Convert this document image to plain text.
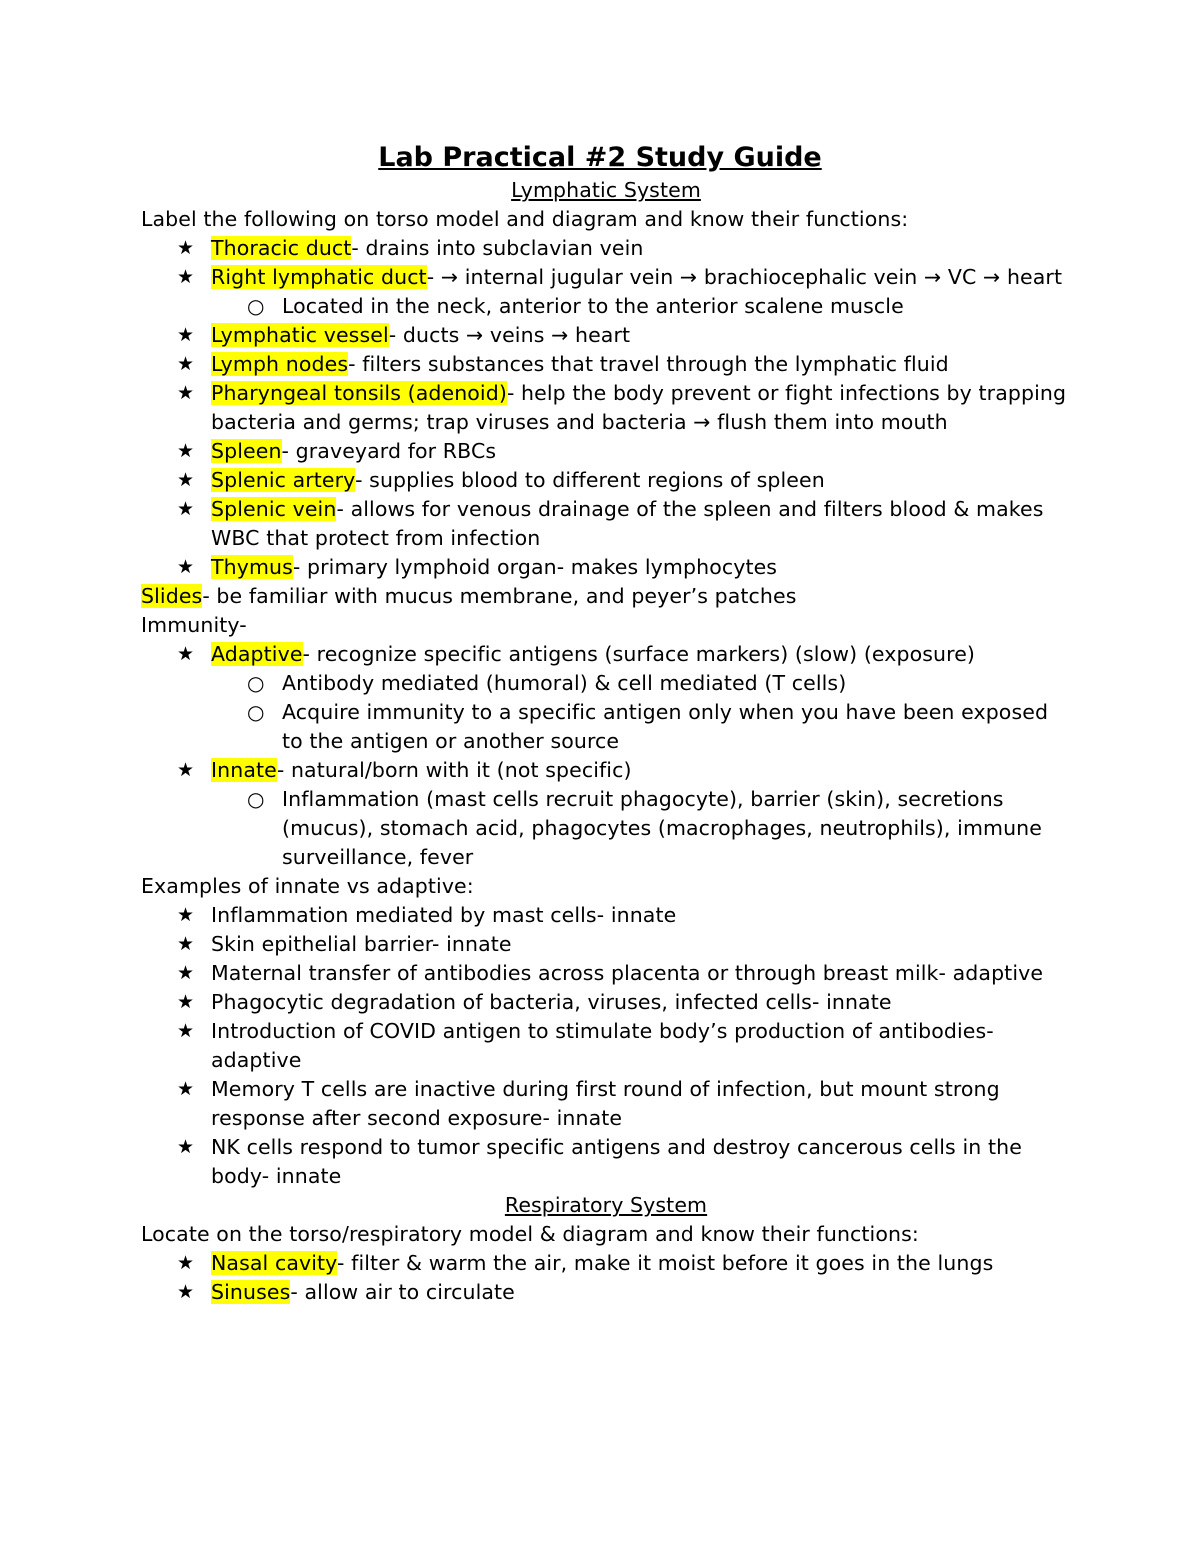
Lab Practical #2 Study Guide

Lymphatic System

Label the following on torso model and diagram and know their functions:

★ Thoracic duct- drains into subclavian vein
★ Right lymphatic duct- → internal jugular vein → brachiocephalic vein → VC → heart
○ Located in the neck, anterior to the anterior scalene muscle
★ Lymphatic vessel- ducts → veins → heart
★ Lymph nodes- filters substances that travel through the lymphatic fluid
★ Pharyngeal tonsils (adenoid)- help the body prevent or fight infections by trapping bacteria and germs; trap viruses and bacteria → flush them into mouth
★ Spleen- graveyard for RBCs
★ Splenic artery- supplies blood to different regions of spleen
★ Splenic vein- allows for venous drainage of the spleen and filters blood & makes WBC that protect from infection
★ Thymus- primary lymphoid organ- makes lymphocytes

Slides- be familiar with mucus membrane, and peyer’s patches

Immunity-

★ Adaptive- recognize specific antigens (surface markers) (slow) (exposure)
○ Antibody mediated (humoral) & cell mediated (T cells)
○ Acquire immunity to a specific antigen only when you have been exposed to the antigen or another source
★ Innate- natural/born with it (not specific)
○ Inflammation (mast cells recruit phagocyte), barrier (skin), secretions (mucus), stomach acid, phagocytes (macrophages, neutrophils), immune surveillance, fever

Examples of innate vs adaptive:

★ Inflammation mediated by mast cells- innate
★ Skin epithelial barrier- innate
★ Maternal transfer of antibodies across placenta or through breast milk- adaptive
★ Phagocytic degradation of bacteria, viruses, infected cells- innate
★ Introduction of COVID antigen to stimulate body’s production of antibodies- adaptive
★ Memory T cells are inactive during first round of infection, but mount strong response after second exposure- innate
★ NK cells respond to tumor specific antigens and destroy cancerous cells in the body- innate

Respiratory System

Locate on the torso/respiratory model & diagram and know their functions:

★ Nasal cavity- filter & warm the air, make it moist before it goes in the lungs
★ Sinuses- allow air to circulate
